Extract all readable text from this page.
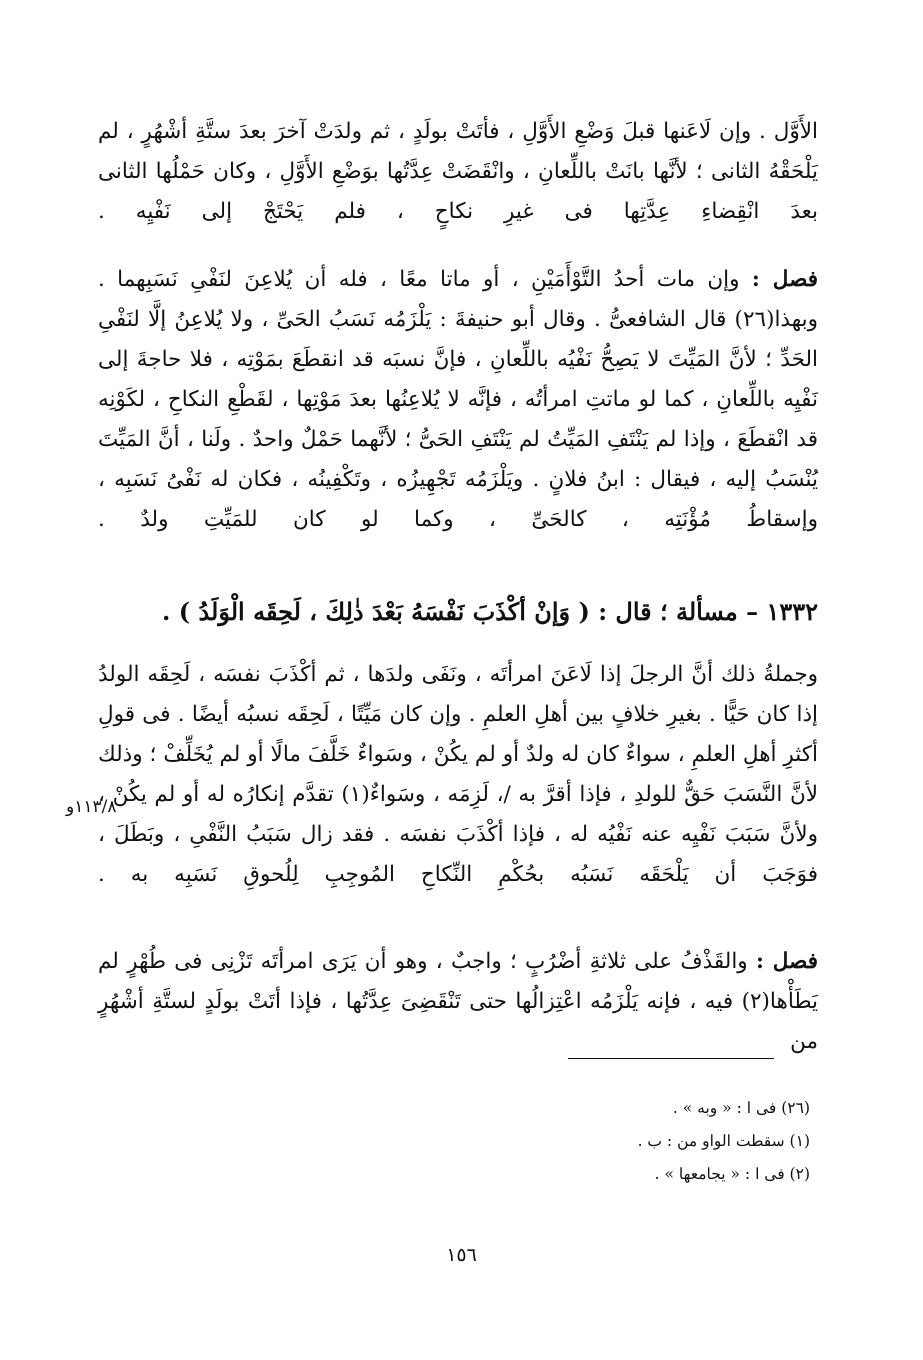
الأَوَّل . وإن لَاعَنها قبلَ وَضْعِ الأَوَّلِ ، فأتَتْ بولَدٍ ، ثم ولدَتْ آخرَ بعدَ ستَّةِ أشْهُرٍ ، لم يَلْحَقْهُ الثانى ؛ لأنَّها بانَتْ باللِّعانِ ، وانْقَضَتْ عِدَّتُها بوَضْعِ الأَوَّلِ ، وكان حَمْلُها الثانى بعدَ انْقِضاءِ عِدَّتِها فى غيرِ نكاحٍ ، فلم يَحْتَجْ إلى نَفْيِه .
فصل : وإن مات أحدُ التَّوْأَمَيْنِ ، أو ماتا معًا ، فله أن يُلاعِنَ لنَفْىِ نَسَبِهما . وبهذا(٢٦) قال الشافعىُّ . وقال أبو حنيفةَ : يَلْزَمُه نَسَبُ الحَىِّ ، ولا يُلاعِنُ إلَّا لنَفْىِ الحَدِّ ؛ لأنَّ المَيِّتَ لا يَصِحُّ نَفْيُه باللِّعانِ ، فإنَّ نسبَه قد انقطَعَ بمَوْتِه ، فلا حاجةَ إلى نَفْيِه باللِّعانِ ، كما لو ماتتِ امرأتُه ، فإنَّه لا يُلاعِنُها بعدَ مَوْتِها ، لقَطْعِ النكاحِ ، لكَوْنِه قد انْقطَعَ ، وإذا لم يَنْتَفِ المَيِّتُ لم يَنْتَفِ الحَىُّ ؛ لأنَّهما حَمْلٌ واحدٌ . ولَنا ، أنَّ المَيِّتَ يُنْسَبُ إليه ، فيقال : ابنُ فلانٍ . ويَلْزَمُه تَجْهِيزُه ، وتَكْفِينُه ، فكان له نَفْىُ نَسَبِه ، وإسقاطُ مُؤْنَتِه ، كالحَىِّ ، وكما لو كان للمَيِّتِ ولدٌ .
١٣٣٢ – مسألة ؛ قال : ( وَإنْ أكْذَبَ نَفْسَهُ بَعْدَ ذٰلِكَ ، لَحِقَه الْوَلَدُ ) .
وجملةُ ذلك أنَّ الرجلَ إذا لَاعَنَ امرأتَه ، ونَفَى ولدَها ، ثم أكْذَبَ نفسَه ، لَحِقَه الولدُ إذا كان حَيًّا . بغيرِ خلافٍ بين أهلِ العلمِ . وإن كان مَيِّتًا ، لَحِقَه نسبُه أيضًا . فى قولِ أكثرِ أهلِ العلمِ ، سواءٌ كان له ولدٌ أو لم يكُنْ ، وسَواءٌ خَلَّفَ مالًا أو لم يُخَلِّفْ ؛ وذلك لأنَّ النَّسَبَ حَقٌّ للولدِ ، فإذا أقرَّ به /، لَزِمَه ، وسَواءٌ(١) تقدَّم إنكارُه له أو لم يكُنْ ، ولأنَّ سَبَبَ نَفْيِه عنه نَفْيُه له ، فإذا أكْذَبَ نفسَه . فقد زال سَبَبُ النَّفْىِ ، وبَطَلَ ، فوَجَبَ أن يَلْحَقَه نَسَبُه بحُكْمِ النِّكاحِ المُوجِبِ لِلُحوقِ نَسَبِه به .
١١٣/٨و
فصل : والقَذْفُ على ثلاثةِ أضْرُبٍ ؛ واجبٌ ، وهو أن يَرَى امرأتَه تَزْنِى فى طُهْرٍ لم يَطَأْها(٢) فيه ، فإنه يَلْزَمُه اعْتِزالُها حتى تَنْقَضِىَ عِدَّتُها ، فإذا أتَتْ بولَدٍ لستَّةِ أشْهُرٍ من
(٢٦) فى ا : « وبه » .
(١) سقطت الواو من : ب .
(٢) فى ا : « يجامعها » .
١٥٦
